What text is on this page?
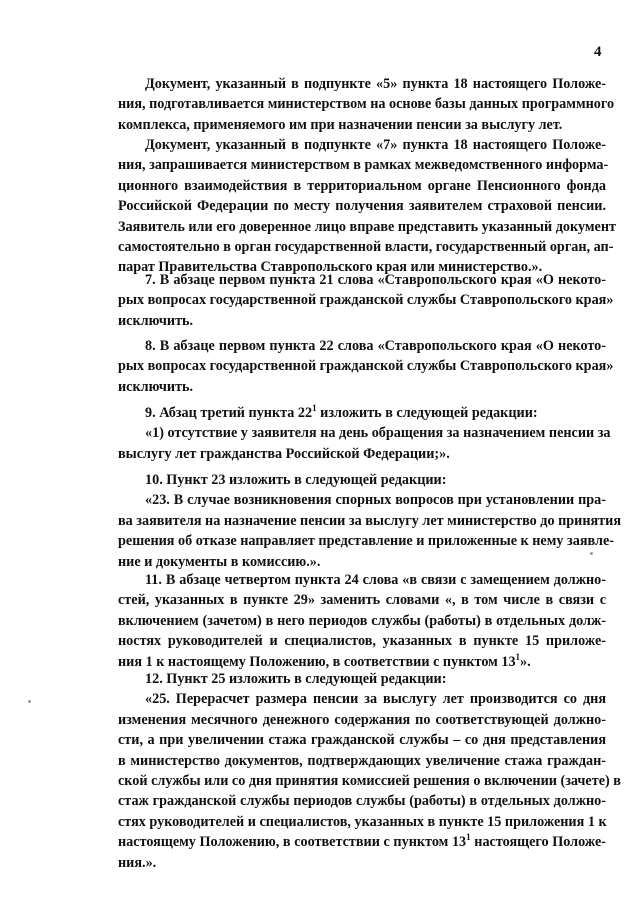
4
Документ, указанный в подпункте «5» пункта 18 настоящего Положе-
ния, подготавливается министерством на основе базы данных программного
комплекса, применяемого им при назначении пенсии за выслугу лет.
Документ, указанный в подпункте «7» пункта 18 настоящего Положе-
ния, запрашивается министерством в рамках межведомственного информа-
ционного взаимодействия в территориальном органе Пенсионного фонда
Российской Федерации по месту получения заявителем страховой пенсии.
Заявитель или его доверенное лицо вправе представить указанный документ
самостоятельно в орган государственной власти, государственный орган, ап-
парат Правительства Ставропольского края или министерство.».
7. В абзаце первом пункта 21 слова «Ставропольского края «О некото-
рых вопросах государственной гражданской службы Ставропольского края»
исключить.
8. В абзаце первом пункта 22 слова «Ставропольского края «О некото-
рых вопросах государственной гражданской службы Ставропольского края»
исключить.
9. Абзац третий пункта $22^1$ изложить в следующей редакции:
«1) отсутствие у заявителя на день обращения за назначением пенсии за
выслугу лет гражданства Российской Федерации;».
10. Пункт 23 изложить в следующей редакции:
«23. В случае возникновения спорных вопросов при установлении пра-
ва заявителя на назначение пенсии за выслугу лет министерство до принятия
решения об отказе направляет представление и приложенные к нему заявле-
ние и документы в комиссию.».
11. В абзаце четвертом пункта 24 слова «в связи с замещением должно-
стей, указанных в пункте 29» заменить словами «, в том числе в связи с
включением (зачетом) в него периодов службы (работы) в отдельных долж-
ностях руководителей и специалистов, указанных в пункте 15 приложе-
ния 1 к настоящему Положению, в соответствии с пунктом $13^1$».
12. Пункт 25 изложить в следующей редакции:
«25. Перерасчет размера пенсии за выслугу лет производится со дня
изменения месячного денежного содержания по соответствующей должно-
сти, а при увеличении стажа гражданской службы – со дня представления
в министерство документов, подтверждающих увеличение стажа граждан-
ской службы или со дня принятия комиссией решения о включении (зачете) в
стаж гражданской службы периодов службы (работы) в отдельных должно-
стях руководителей и специалистов, указанных в пункте 15 приложения 1 к
настоящему Положению, в соответствии с пунктом $13^1$ настоящего Положе-
ния.».
